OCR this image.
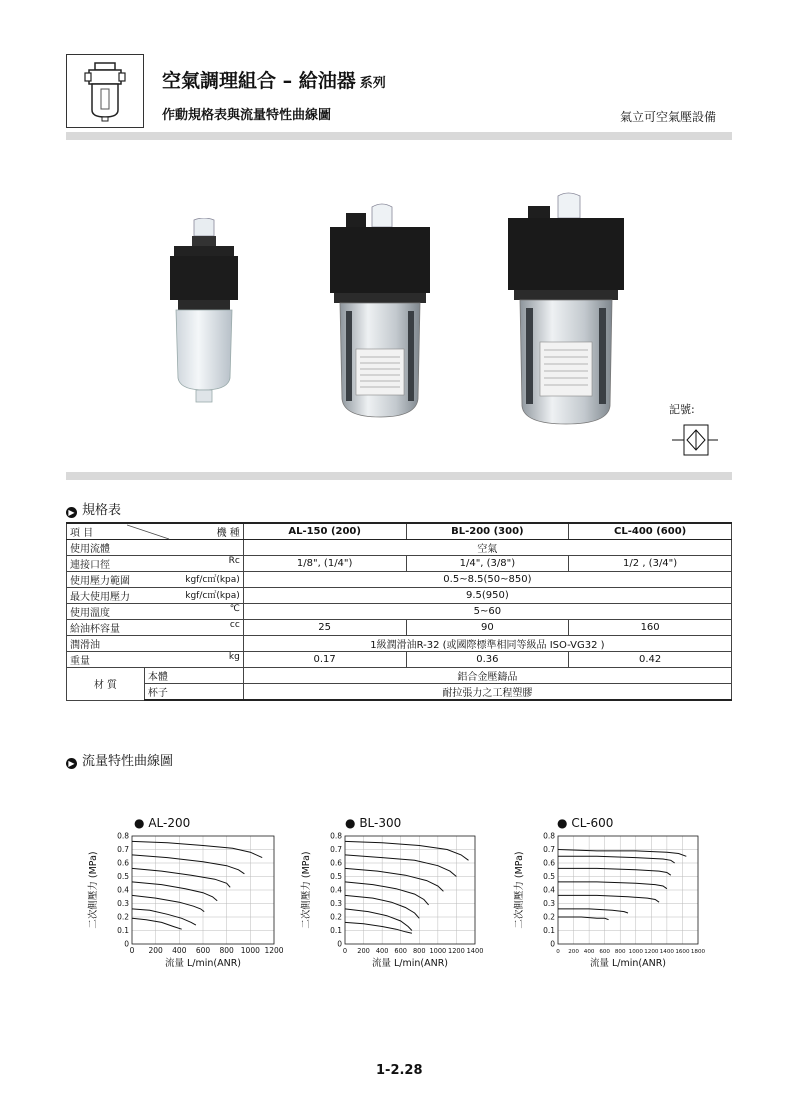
空氣調理組合 – 給油器 系列
作動規格表與流量特性曲線圖	氣立可空氣壓設備
記號:
▶ 規格表
項 目 機 種		AL-150 (200)	BL-200 (300)	CL-400 (600)

使用流體		空氣		

連接口徑 Rc		1/8", (1/4")	1/4", (3/8")	1/2 , (3/4")

使用壓力範圍 kgf/c㎡(kpa)		0.5~8.5(50~850)		

最大使用壓力 kgf/c㎡(kpa)		9.5(950)		

使用溫度 ℃		5~60		

給油杯容量 cc		25	90	160

潤滑油		1級潤滑油R-32 (或國際標準相同等級品 ISO-VG32 )		

重量 kg		0.17	0.36	0.42
材 質	本體	鋁合金壓鑄品		
	杯子	耐拉張力之工程塑膠		
▶ 流量特性曲線圖
● AL-200
0
0.1
0.2
0.3
0.4
0.5
0.6
0.7
0.8
0 200 400 600 800 1000 1200
流量 L/min(ANR)
二次側壓力 (MPa)
● BL-300
0
0.1
0.2
0.3
0.4
0.5
0.6
0.7
0.8
0 200 400 600 800 1000 1200 1400
流量 L/min(ANR)
二次側壓力 (MPa)
● CL-600
0
0.1
0.2
0.3
0.4
0.5
0.6
0.7
0.8
0 200 400 600 800 1000 1200 1400 1600 1800
流量 L/min(ANR)
二次側壓力 (MPa)
1-2.28
